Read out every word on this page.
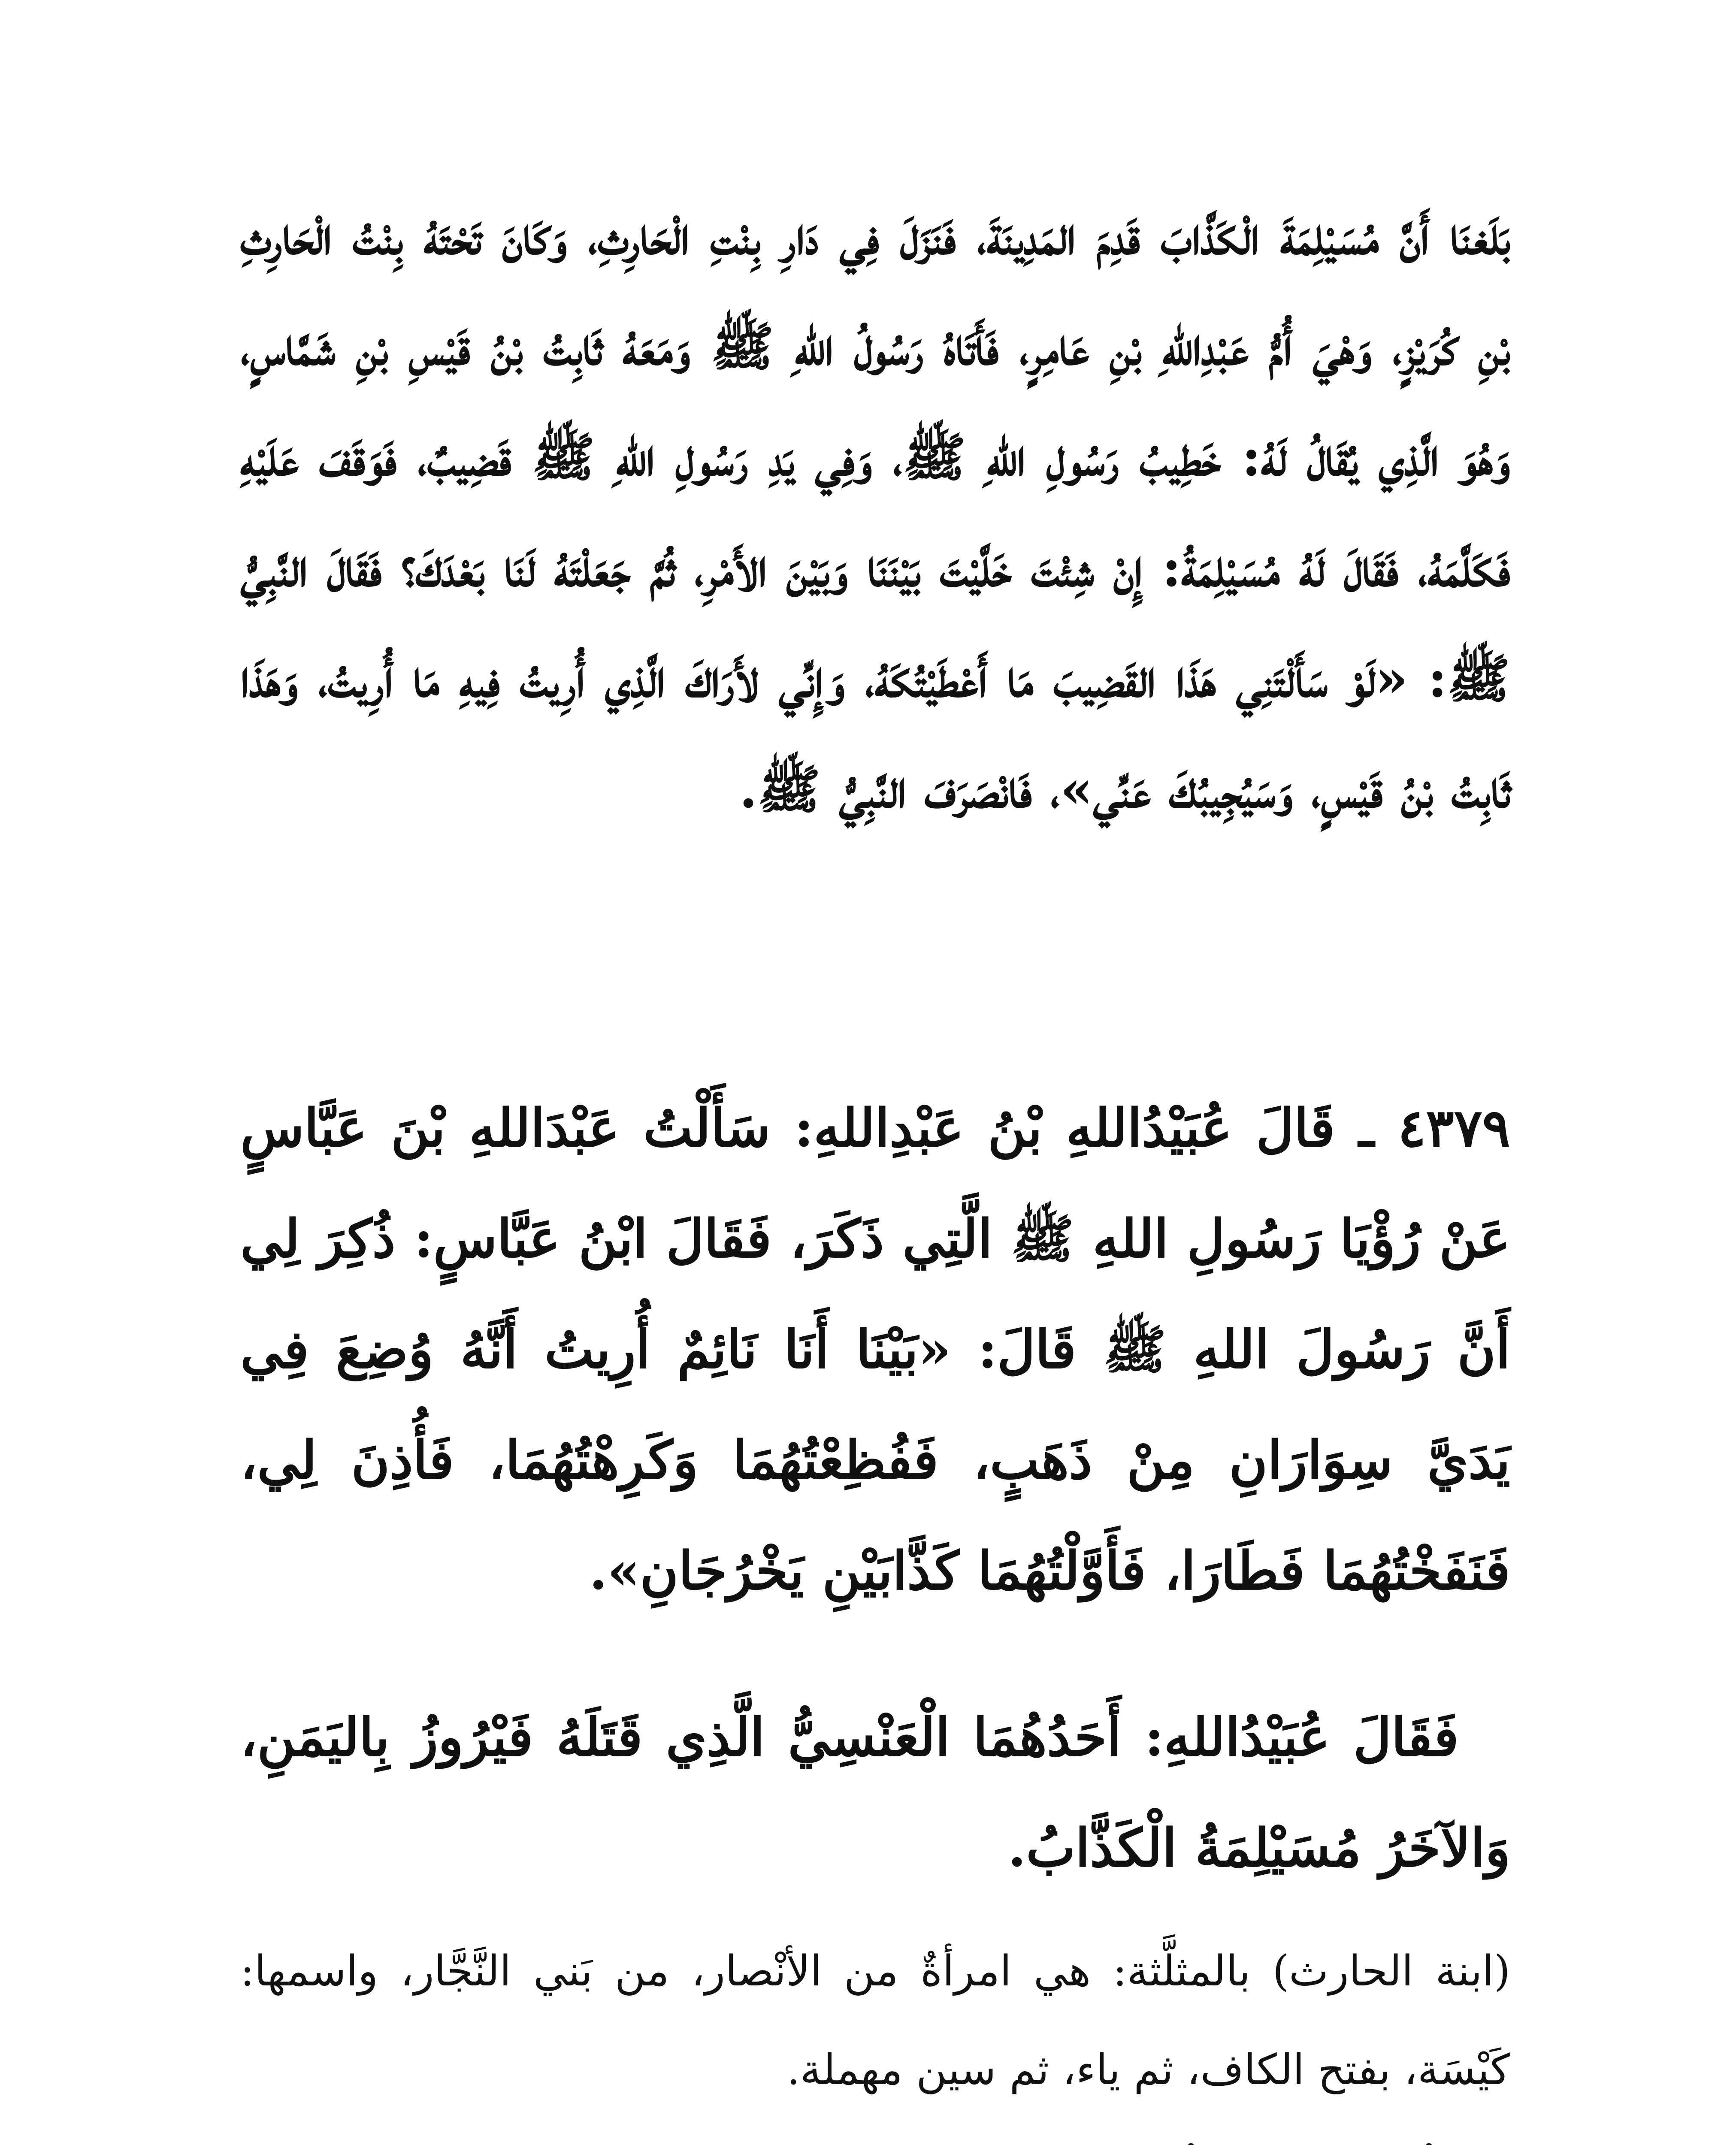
بَلَغنَا أَنَّ مُسَيْلِمَةَ الْكَذَّابَ قَدِمَ المَدِينَةَ، فَنَزَلَ فِي دَارِ بِنْتِ الْحَارِثِ، وَكَانَ تَحْتَهُ بِنْتُ الْحَارِثِ بْنِ كُرَيْزٍ، وَهْيَ أُمُّ عَبْدِاللهِ بْنِ عَامِرٍ، فَأَتَاهُ رَسُولُ اللهِ ﷺ وَمَعَهُ ثَابِتُ بْنُ قَيْسِ بْنِ شَمَّاسٍ، وَهُوَ الَّذِي يُقَالُ لَهُ: خَطِيبُ رَسُولِ اللهِ ﷺ، وَفِي يَدِ رَسُولِ اللهِ ﷺ قَضِيبٌ، فَوَقَفَ عَلَيْهِ فَكَلَّمَهُ، فَقَالَ لَهُ مُسَيْلِمَةُ: إِنْ شِئْتَ خَلَّيْتَ بَيْنَنَا وَبَيْنَ الأَمْرِ، ثُمَّ جَعَلْتَهُ لَنَا بَعْدَكَ؟ فَقَالَ النَّبِيُّ ﷺ: «لَوْ سَأَلْتَنِي هَذَا القَضِيبَ مَا أَعْطَيْتُكَهُ، وَإِنِّي لأَرَاكَ الَّذِي أُرِيتُ فِيهِ مَا أُرِيتُ، وَهَذَا ثَابِتُ بْنُ قَيْسٍ، وَسَيُجِيبُكَ عَنِّي»، فَانْصَرَفَ النَّبِيُّ ﷺ.

٤٣٧٩ ـ قَالَ عُبَيْدُاللهِ بْنُ عَبْدِاللهِ: سَأَلْتُ عَبْدَاللهِ بْنَ عَبَّاسٍ عَنْ رُؤْيَا رَسُولِ اللهِ ﷺ الَّتِي ذَكَرَ، فَقَالَ ابْنُ عَبَّاسٍ: ذُكِرَ لِي أَنَّ رَسُولَ اللهِ ﷺ قَالَ: «بَيْنَا أَنَا نَائِمٌ أُرِيتُ أَنَّهُ وُضِعَ فِي يَدَيَّ سِوَارَانِ مِنْ ذَهَبٍ، فَفُظِعْتُهُمَا وَكَرِهْتُهُمَا، فَأُذِنَ لِي، فَنَفَخْتُهُمَا فَطَارَا، فَأَوَّلْتُهُمَا كَذَّابَيْنِ يَخْرُجَانِ».

فَقَالَ عُبَيْدُاللهِ: أَحَدُهُمَا الْعَنْسِيُّ الَّذِي قَتَلَهُ فَيْرُوزُ بِاليَمَنِ، وَالآخَرُ مُسَيْلِمَةُ الْكَذَّابُ.

(ابنة الحارث) بالمثلَّثة: هي امرأةٌ من الأنْصار، من بَني النَّجَّار، واسمها: كَيْسَة، بفتح الكاف، ثم ياء، ثم سين مهملة.
